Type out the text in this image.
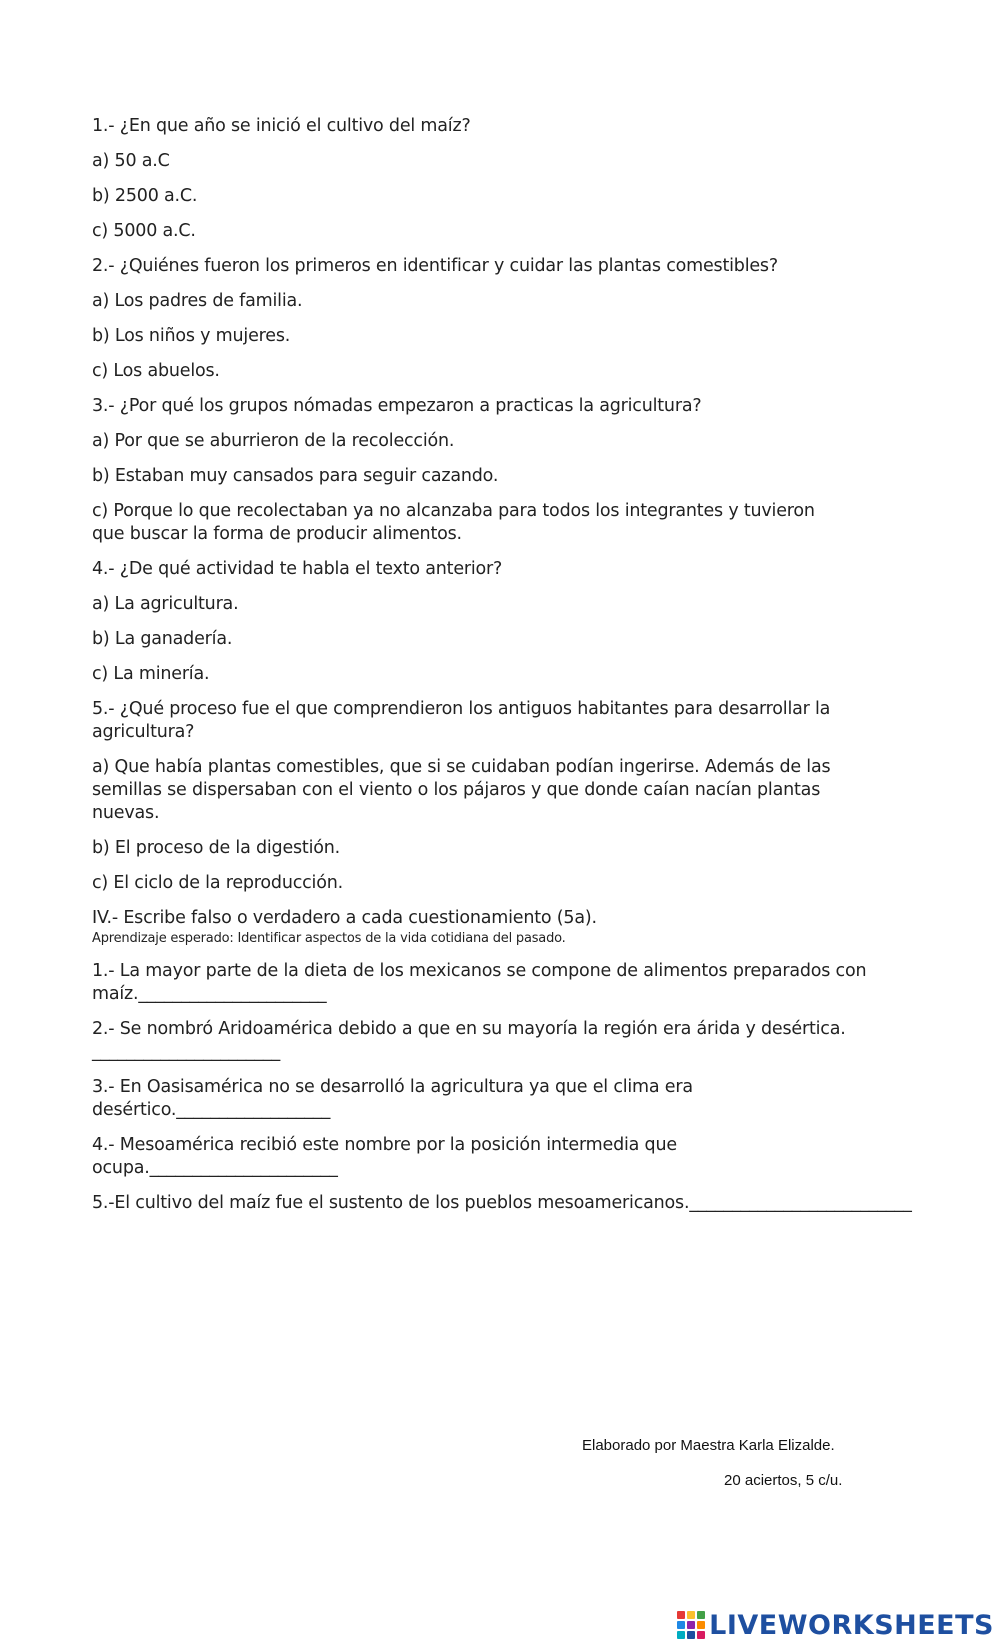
1.- ¿En que año se inició el cultivo del maíz?
a) 50 a.C
b) 2500 a.C.
c) 5000 a.C.
2.- ¿Quiénes fueron los primeros en identificar y cuidar las plantas comestibles?
a) Los padres de familia.
b) Los niños y mujeres.
c) Los abuelos.
3.- ¿Por qué los grupos nómadas empezaron a practicas la agricultura?
a) Por que se aburrieron de la recolección.
b) Estaban muy cansados para seguir cazando.
c) Porque lo que recolectaban ya no alcanzaba para todos los integrantes y tuvieron
que buscar la forma de producir alimentos.
4.- ¿De qué actividad te habla el texto anterior?
a) La agricultura.
b) La ganadería.
c) La minería.
5.- ¿Qué proceso fue el que comprendieron los antiguos habitantes para desarrollar la
agricultura?
a) Que había plantas comestibles, que si se cuidaban podían ingerirse. Además de las
semillas se dispersaban con el viento o los pájaros y que donde caían nacían plantas
nuevas.
b) El proceso de la digestión.
c) El ciclo de la reproducción.
IV.- Escribe falso o verdadero a cada cuestionamiento (5a).
Aprendizaje esperado: Identificar aspectos de la vida cotidiana del pasado.
1.- La mayor parte de la dieta de los mexicanos se compone de alimentos preparados con
maíz.______________________
2.- Se nombró Aridoamérica debido a que en su mayoría la región era árida y desértica.
______________________
3.- En Oasisamérica no se desarrolló la agricultura ya que el clima era
desértico.__________________
4.- Mesoamérica recibió este nombre por la posición intermedia que
ocupa.______________________
5.-El cultivo del maíz fue el sustento de los pueblos mesoamericanos.__________________________
Elaborado por Maestra Karla Elizalde.
20 aciertos, 5 c/u.
LIVEWORKSHEETS
